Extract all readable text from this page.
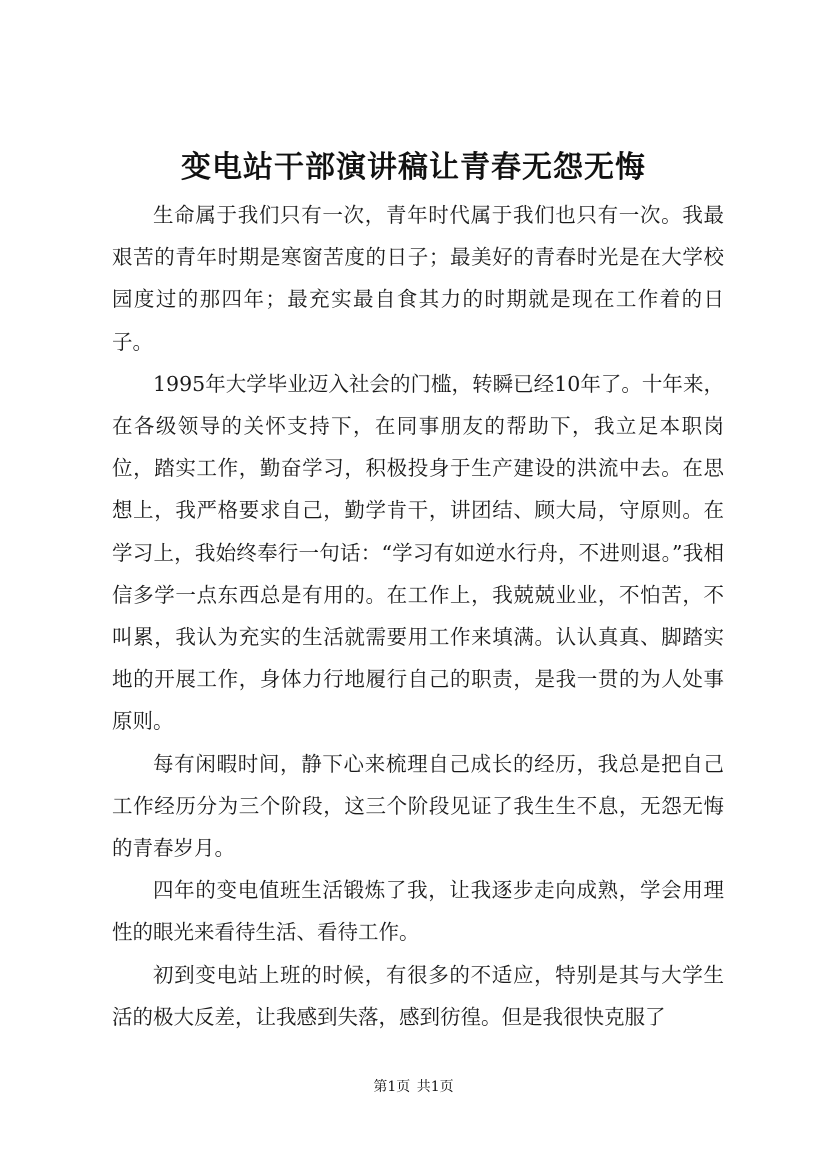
变电站干部演讲稿让青春无怨无悔

生命属于我们只有一次，青年时代属于我们也只有一次。我最艰苦的青年时期是寒窗苦度的日子；最美好的青春时光是在大学校园度过的那四年；最充实最自食其力的时期就是现在工作着的日子。

1995年大学毕业迈入社会的门槛，转瞬已经10年了。十年来，在各级领导的关怀支持下，在同事朋友的帮助下，我立足本职岗位，踏实工作，勤奋学习，积极投身于生产建设的洪流中去。在思想上，我严格要求自己，勤学肯干，讲团结、顾大局，守原则。在学习上，我始终奉行一句话：“学习有如逆水行舟，不进则退。”我相信多学一点东西总是有用的。在工作上，我兢兢业业，不怕苦，不叫累，我认为充实的生活就需要用工作来填满。认认真真、脚踏实地的开展工作，身体力行地履行自己的职责，是我一贯的为人处事原则。

每有闲暇时间，静下心来梳理自己成长的经历，我总是把自己工作经历分为三个阶段，这三个阶段见证了我生生不息，无怨无悔的青春岁月。

四年的变电值班生活锻炼了我，让我逐步走向成熟，学会用理性的眼光来看待生活、看待工作。

初到变电站上班的时候，有很多的不适应，特别是其与大学生活的极大反差，让我感到失落，感到彷徨。但是我很快克服了

第1页 共1页
